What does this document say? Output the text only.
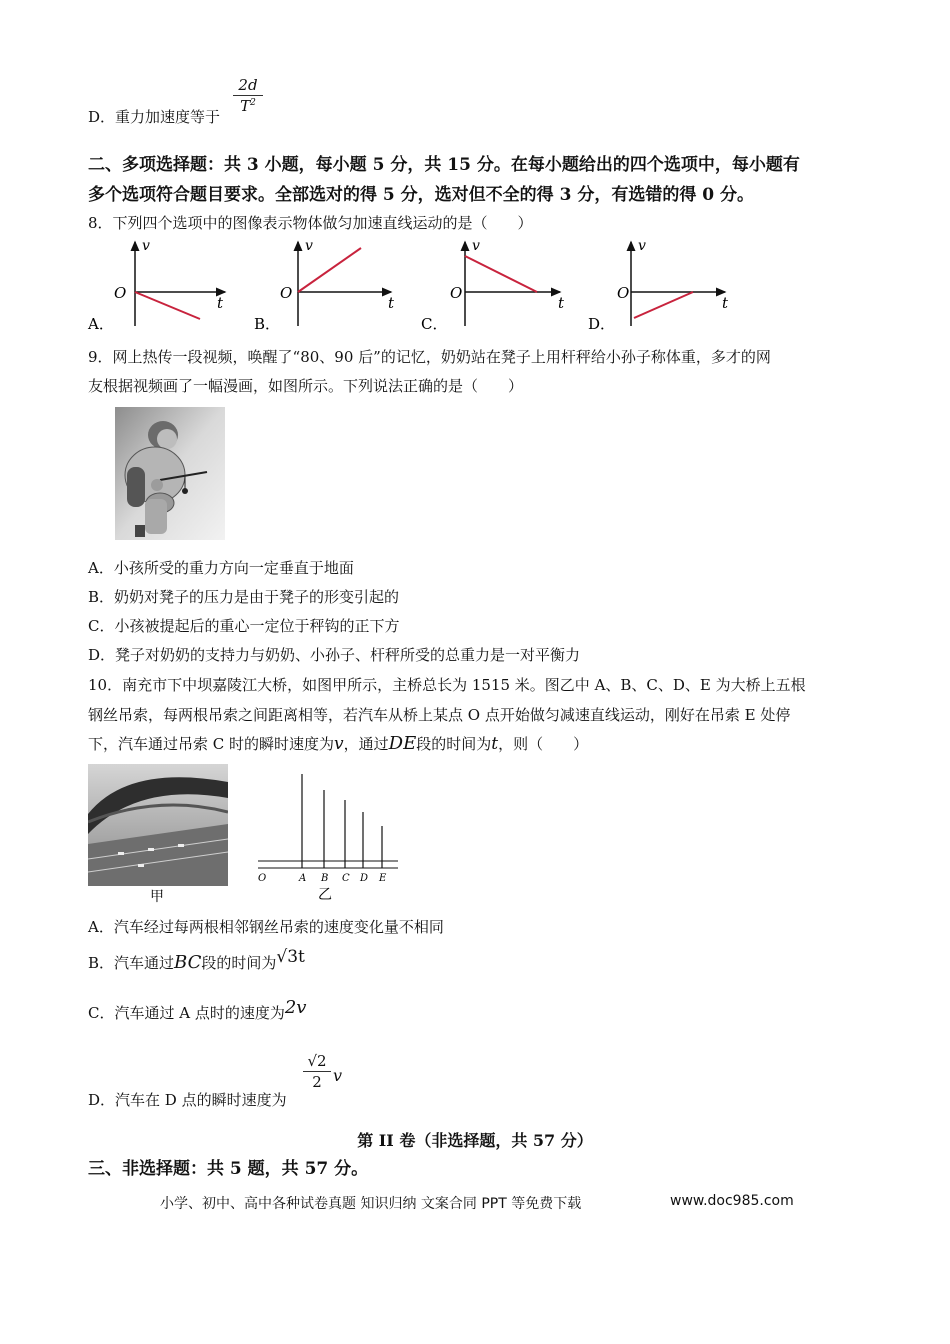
D．重力加速度等于
2d
$T^2$
二、多项选择题：共 3 小题，每小题 5 分，共 15 分。在每小题给出的四个选项中，每小题有
多个选项符合题目要求。全部选对的得 5 分，选对但不全的得 3 分，有选错的得 0 分。
8．下列四个选项中的图像表示物体做匀加速直线运动的是（　　）
v
O
t
A．
v
O
t
B．
v
O
t
C．
v
O
t
D．
9．网上热传一段视频，唤醒了“80、90 后”的记忆，奶奶站在凳子上用杆秤给小孙子称体重，多才的网
友根据视频画了一幅漫画，如图所示。下列说法正确的是（　　）
A．小孩所受的重力方向一定垂直于地面
B．奶奶对凳子的压力是由于凳子的形变引起的
C．小孩被提起后的重心一定位于秤钩的正下方
D．凳子对奶奶的支持力与奶奶、小孙子、杆秤所受的总重力是一对平衡力
10．南充市下中坝嘉陵江大桥，如图甲所示，主桥总长为 1515 米。图乙中 A、B、C、D、E 为大桥上五根
钢丝吊索，每两根吊索之间距离相等，若汽车从桥上某点 O 点开始做匀减速直线运动，刚好在吊索 E 处停
下，汽车通过吊索 C 时的瞬时速度为v，通过DE段的时间为t，则（　　）
甲
O	A B C D E
乙
A．汽车经过每两根相邻钢丝吊索的速度变化量不相同
B．汽车通过BC段的时间为√3t
C．汽车通过 A 点时的速度为2v
D．汽车在 D 点的瞬时速度为
√2
2 v
第 II 卷（非选择题，共 57 分）
三、非选择题：共 5 题，共 57 分。
小学、初中、高中各种试卷真题 知识归纳 文案合同 PPT 等免费下载	www.doc985.com
